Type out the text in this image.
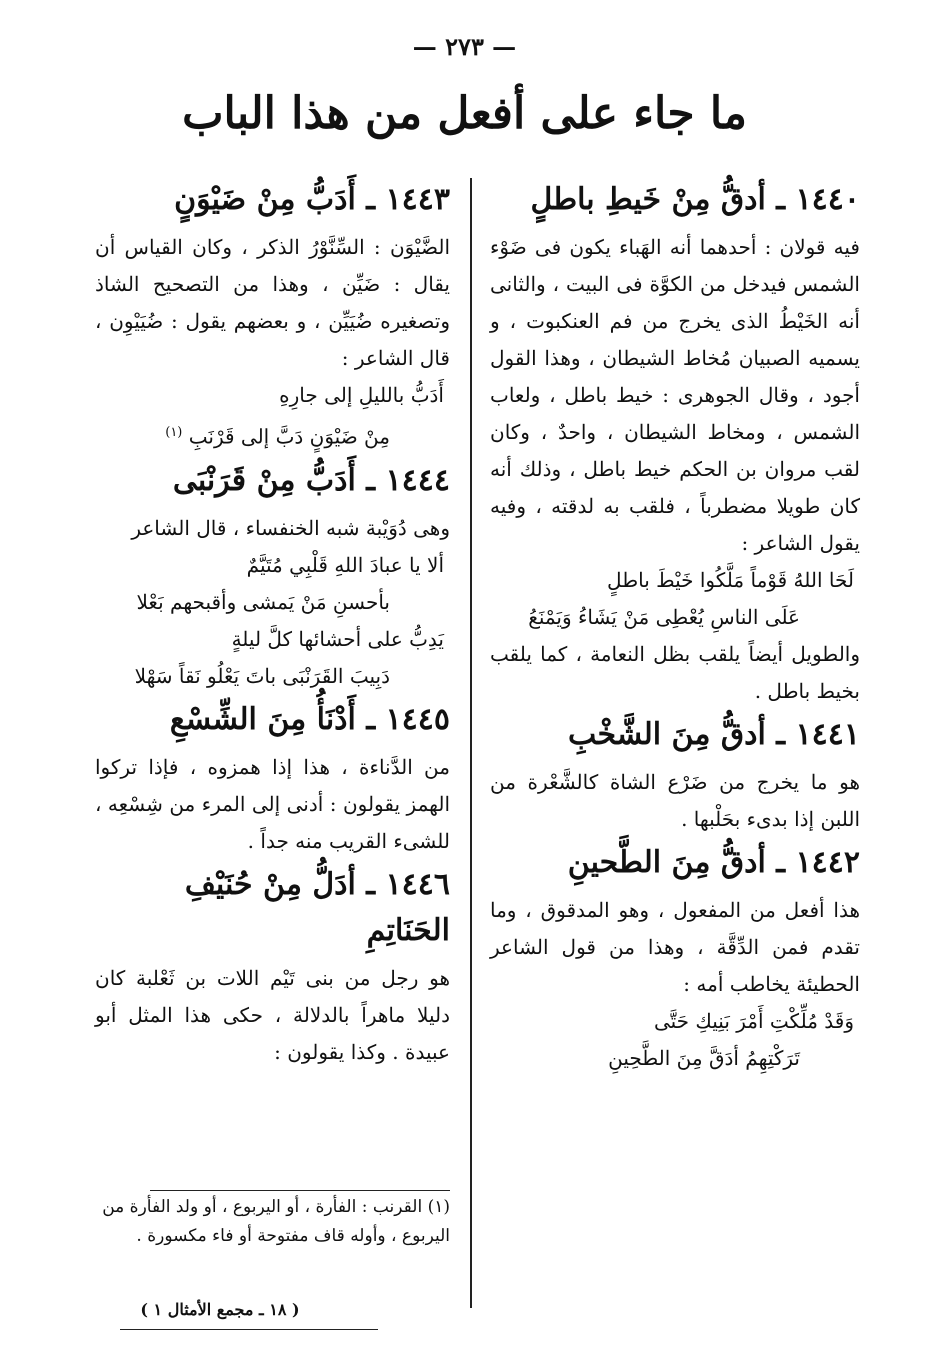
— ٢٧٣ —
ما جاء على أفعل من هذا الباب
١٤٤٠ ـ أدقُّ مِنْ خَيطِ باطلٍ

فيه قولان : أحدهما أنه الهَباء يكون فى ضَوْء الشمس فيدخل من الكوَّة فى البيت ، والثانى أنه الخَيْطُ الذى يخرج من فم العنكبوت ، و يسميه الصبيان مُخاط الشيطان ، وهذا القول أجود ، وقال الجوهرى : خيط باطل ، ولعاب الشمس ، ومخاط الشيطان ، واحدٌ ، وكان لقب مروان بن الحكم خيط باطل ، وذلك أنه كان طويلا مضطرباً ، فلقب به لدقته ، وفيه يقول الشاعر :

لَحَا اللهُ قَوْماً مَلَّكُوا خَيْطَ باطلٍ

عَلَى الناسِ يُعْطِى مَنْ يَشَاءُ وَيَمْنَعُ

والطويل أيضاً يلقب بظل النعامة ، كما يلقب بخيط باطل .

١٤٤١ ـ أدقُّ مِنَ الشَّخْبِ

هو ما يخرج من ضَرْع الشاة كالشَّعْرة من اللبن إذا بدىء بحَلْبها .

١٤٤٢ ـ أدقُّ مِنَ الطَّحينِ

هذا أفعل من المفعول ، وهو المدقوق ، وما تقدم فمن الدِّقَّة ، وهذا من قول الشاعر الحطيئة يخاطب أمه :

وَقَدْ مُلِّكْتِ أَمْرَ بَنِيكِ حَتَّى

تَرَكْتِهِمُ أدَقَّ مِنَ الطَّحِينِ

١٤٤٣ ـ أَدَبُّ مِنْ ضَيْوَنٍ

الضَّيْوَن : السِّنَّوْرُ الذكر ، وكان القياس أن يقال : ضَيِّن ، وهذا من التصحيح الشاذ وتصغيره ضُيَيِّن ، و بعضهم يقول : ضُيَيْوِن ، قال الشاعر :

أَدَبُّ بالليلِ إلى جارِهِ

مِنْ ضَيْوَنٍ دَبَّ إلى قَرْنَبِ $^{(١)}$

١٤٤٤ ـ أَدَبُّ مِنْ قَرَنْبَى

وهى دُوَيْبة شبه الخنفساء ، قال الشاعر

ألا يا عبادَ اللهِ قَلْبِي مُتَيَّمٌ

بأحسنِ مَنْ يَمشى وأقبحهم بَعْلا

يَدِبُّ على أحشائها كلَّ ليلةٍ

دَبِيبَ القَرَنْبَى باتَ يَعْلُو نَقاً سَهْلا

١٤٤٥ ـ أَدْنَأُ مِنَ الشِّسْعِ

من الدَّناءة ، هذا إذا همزوه ، فإذا تركوا الهمز يقولون : أدنى إلى المرء من شِسْعِه ، للشىء القريب منه جداً .

١٤٤٦ ـ أدَلُّ مِنْ حُنَيْفِ الحَنَاتِمِ

هو رجل من بنى تَيْم اللات بن ثَعْلبة كان دليلا ماهراً بالدلالة ، حكى هذا المثل أبو عبيدة . وكذا يقولون :

(١) القرنب : الفأرة ، أو اليربوع ، أو ولد الفأرة من اليربوع ، وأوله قاف مفتوحة أو فاء مكسورة .
( ١٨ ـ مجمع الأمثال ١ )
